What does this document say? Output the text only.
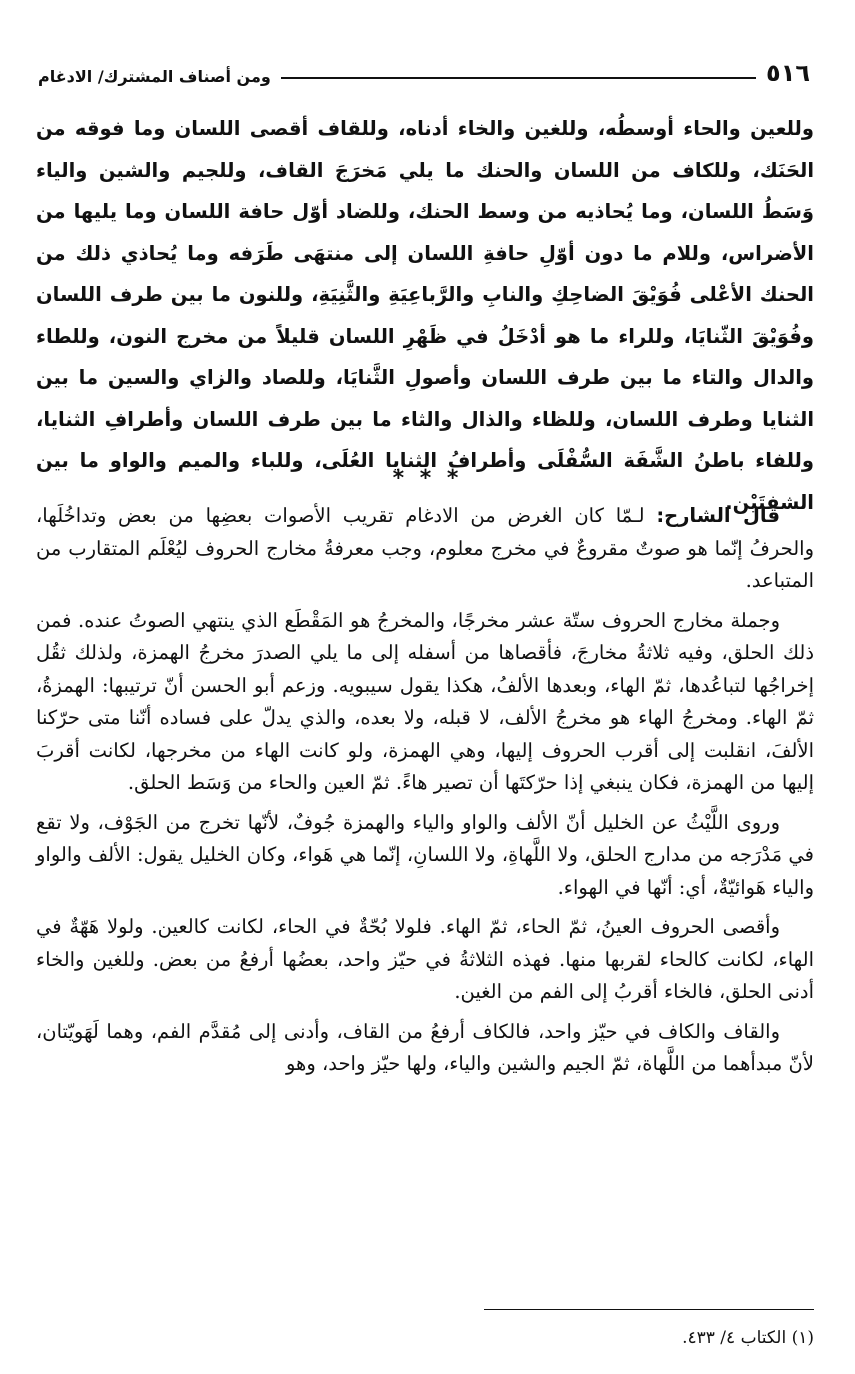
٥١٦
ومن أصناف المشترك/ الادغام

وللعين والحاء أوسطُه، وللغين والخاء أدناه، وللقاف أقصى اللسان وما فوقه من الحَنَك، وللكاف من اللسان والحنك ما يلي مَخرَجَ القاف، وللجيم والشين والياء وَسَطُ اللسان، وما يُحاذيه من وسط الحنك، وللضاد أوّل حافة اللسان وما يليها من الأضراس، وللام ما دون أوّلِ حافةِ اللسان إلى منتهَى طَرَفه وما يُحاذي ذلك من الحنك الأعْلى فُوَيْقَ الضاحِكِ والنابِ والرَّباعِيَةِ والثَّنِيَةِ، وللنون ما بين طرف اللسان وفُوَيْقَ الثّنايَا، وللراء ما هو أدْخَلُ في ظَهْرِ اللسان قليلاً من مخرج النون، وللطاء والدال والتاء ما بين طرف اللسان وأصولِ الثَّنايَا، وللصاد والزاي والسين ما بين الثنايا وطرف اللسان، وللظاء والذال والثاء ما بين طرف اللسان وأطرافِ الثنايا، وللفاء باطنُ الشَّفَة السُّفْلَى وأطرافُ الثنايا العُلَى، وللباء والميم والواو ما بين الشفتَيْن.

* * *

قال الشارح: لـمّا كان الغرض من الادغام تقريب الأصوات بعضِها من بعض وتداخُلَها، والحرفُ إنّما هو صوتٌ مقروعٌ في مخرج معلوم، وجب معرفةُ مخارج الحروف ليُعْلَم المتقارب من المتباعد.

وجملة مخارج الحروف ستّة عشر مخرجًا، والمخرجُ هو المَقْطَع الذي ينتهي الصوتُ عنده. فمن ذلك الحلق، وفيه ثلاثةُ مخارجَ، فأقصاها من أسفله إلى ما يلي الصدرَ مخرجُ الهمزة، ولذلك ثقُل إخراجُها لتباعُدها، ثمّ الهاء، وبعدها الألفُ، هكذا يقول سيبويه. وزعم أبو الحسن أنّ ترتيبها: الهمزةُ، ثمّ الهاء. ومخرجُ الهاء هو مخرجُ الألف، لا قبله، ولا بعده، والذي يدلّ على فساده أنّنا متى حرّكنا الألفَ، انقلبت إلى أقرب الحروف إليها، وهي الهمزة، ولو كانت الهاء من مخرجها، لكانت أقربَ إليها من الهمزة، فكان ينبغي إذا حرّكتَها أن تصير هاءً. ثمّ العين والحاء من وَسَط الحلق.

وروى اللَّيْثُ عن الخليل أنّ الألف والواو والياء والهمزة جُوفٌ، لأنّها تخرج من الجَوْف، ولا تقع في مَدْرَجه من مدارج الحلق، ولا اللَّهاةِ، ولا اللسانِ، إنّما هي هَواء، وكان الخليل يقول: الألف والواو والياء هَوائيّةٌ، أي: أنّها في الهواء.

وأقصى الحروف العينُ، ثمّ الحاء، ثمّ الهاء. فلولا بُحّةٌ في الحاء، لكانت كالعين. ولولا هَهّةٌ في الهاء، لكانت كالحاء لقربها منها. فهذه الثلاثةُ في حيّز واحد، بعضُها أرفعُ من بعض. وللغين والخاء أدنى الحلق، فالخاء أقربُ إلى الفم من الغين.

والقاف والكاف في حيّز واحد، فالكاف أرفعُ من القاف، وأدنى إلى مُقدَّم الفم، وهما لَهَويّتان، لأنّ مبدأهما من اللَّهاة، ثمّ الجيم والشين والياء، ولها حيّز واحد، وهو

(١) الكتاب ٤/ ٤٣٣.
